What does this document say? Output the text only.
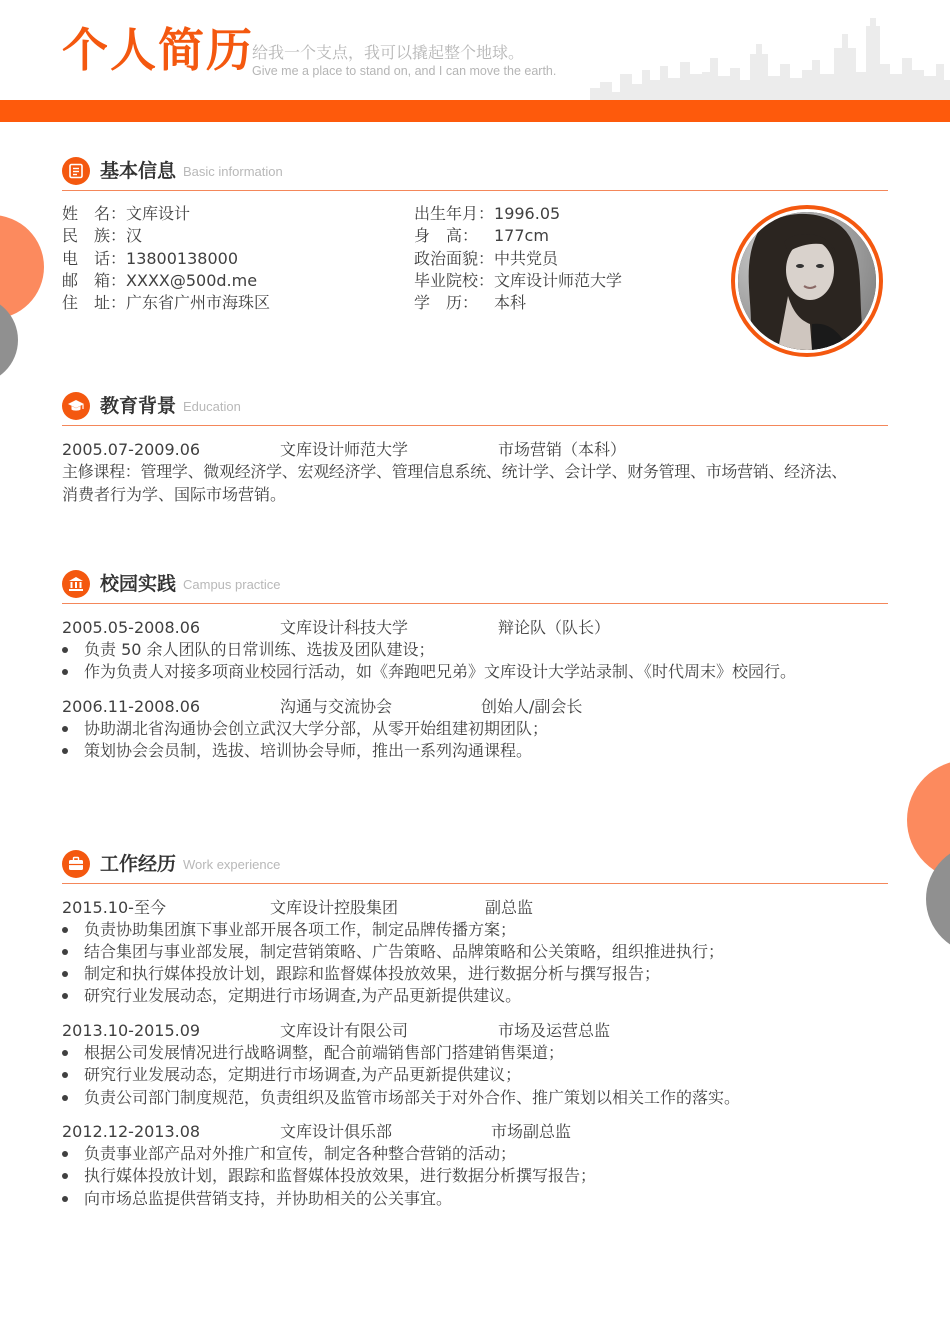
个人简历
给我一个支点，我可以撬起整个地球。
Give me a place to stand on, and I can move the earth.
基本信息 Basic information
姓　名：文库设计
民　族：汉
电　话：13800138000
邮　箱：XXXX@500d.me
住　址：广东省广州市海珠区
出生年月：1996.05
身　高： 177cm
政治面貌：中共党员
毕业院校：文库设计师范大学
学　历： 本科
教育背景 Education
2005.07-2009.06	文库设计师范大学	市场营销（本科）
主修课程：管理学、微观经济学、宏观经济学、管理信息系统、统计学、会计学、财务管理、市场营销、经济法、
消费者行为学、国际市场营销。
校园实践 Campus practice
2005.05-2008.06	文库设计科技大学	辩论队（队长）
负责 50 余人团队的日常训练、选拔及团队建设；
作为负责人对接多项商业校园行活动，如《奔跑吧兄弟》文库设计大学站录制、《时代周末》校园行。
2006.11-2008.06	沟通与交流协会	创始人/副会长
协助湖北省沟通协会创立武汉大学分部，从零开始组建初期团队；
策划协会会员制，选拔、培训协会导师，推出一系列沟通课程。
工作经历 Work experience
2015.10-至今	文库设计控股集团	副总监
负责协助集团旗下事业部开展各项工作，制定品牌传播方案；
结合集团与事业部发展，制定营销策略、广告策略、品牌策略和公关策略，组织推进执行；
制定和执行媒体投放计划，跟踪和监督媒体投放效果，进行数据分析与撰写报告；
研究行业发展动态，定期进行市场调查,为产品更新提供建议。
2013.10-2015.09	文库设计有限公司	市场及运营总监
根据公司发展情况进行战略调整，配合前端销售部门搭建销售渠道；
研究行业发展动态，定期进行市场调查,为产品更新提供建议；
负责公司部门制度规范，负责组织及监管市场部关于对外合作、推广策划以相关工作的落实。
2012.12-2013.08	文库设计俱乐部	市场副总监
负责事业部产品对外推广和宣传，制定各种整合营销的活动；
执行媒体投放计划，跟踪和监督媒体投放效果，进行数据分析撰写报告；
向市场总监提供营销支持，并协助相关的公关事宜。
